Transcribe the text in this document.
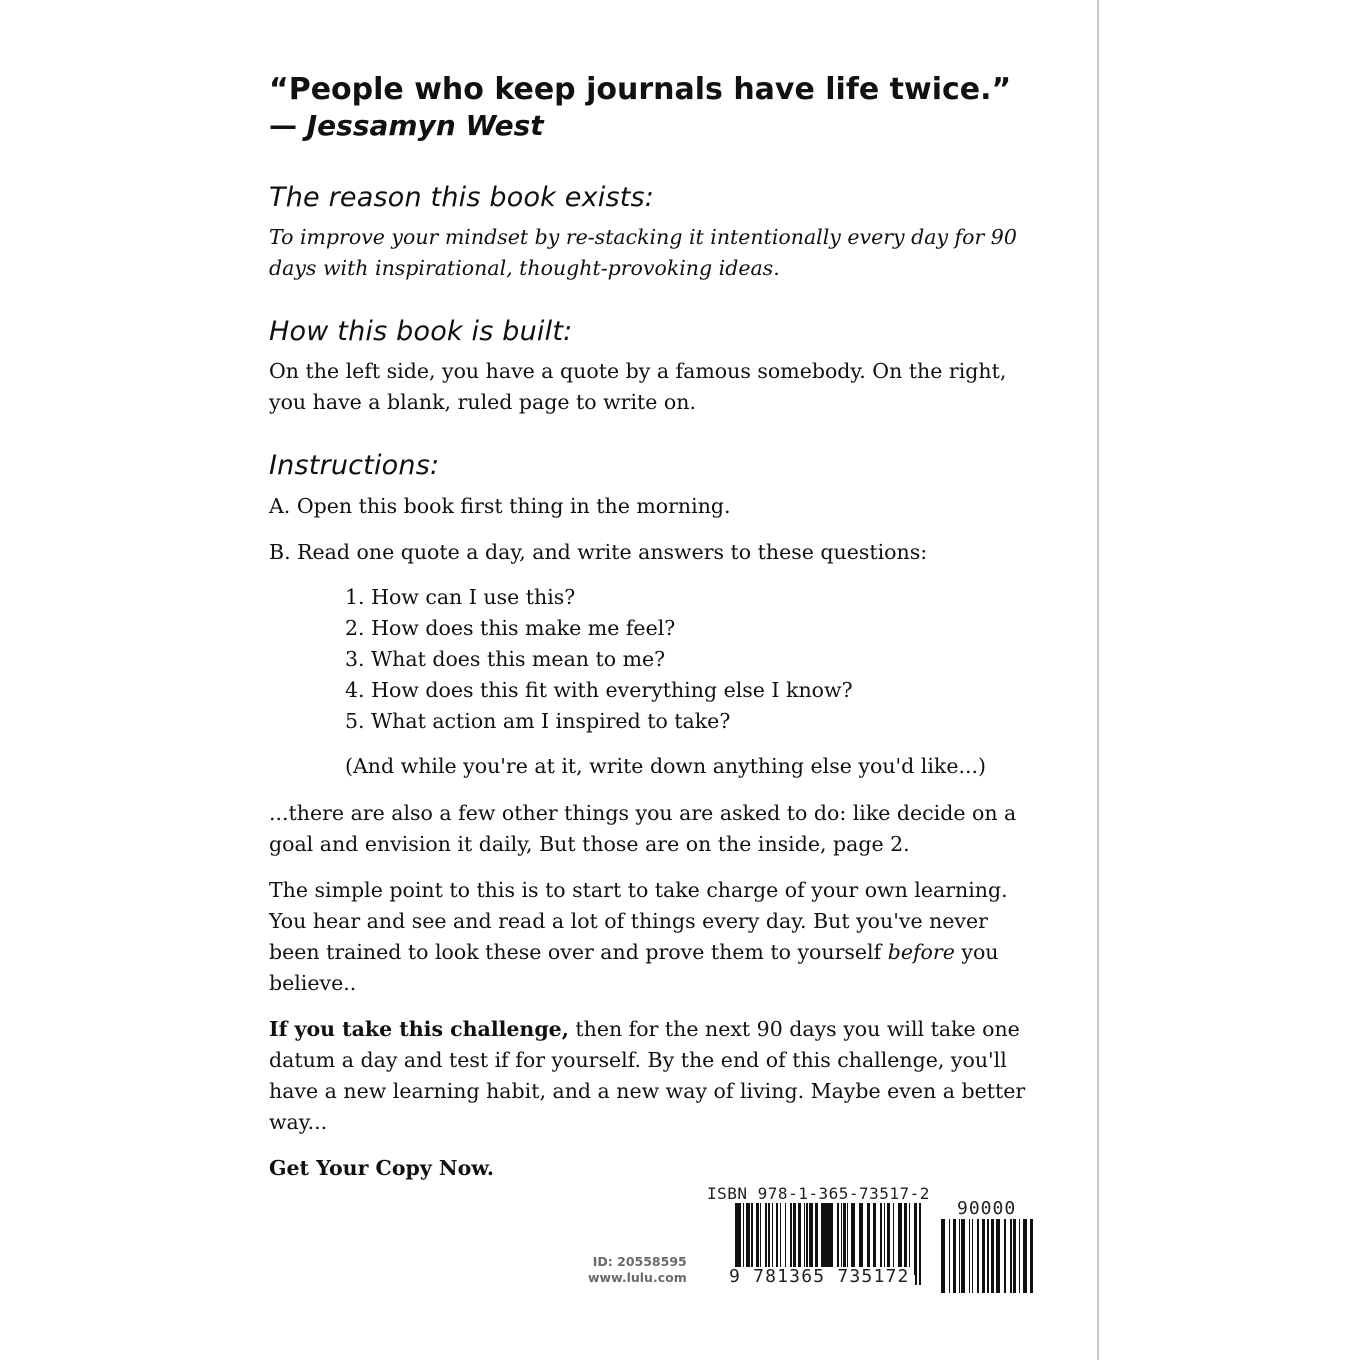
“People who keep journals have life twice.”

— Jessamyn West

The reason this book exists:

To improve your mindset by re-stacking it intentionally every day for 90 days with inspirational, thought-provoking ideas.

How this book is built:

On the left side, you have a quote by a famous somebody. On the right, you have a blank, ruled page to write on.

Instructions:

A. Open this book first thing in the morning.

B. Read one quote a day, and write answers to these questions:

1. How can I use this?
2. How does this make me feel?
3. What does this mean to me?
4. How does this fit with everything else I know?
5. What action am I inspired to take?

(And while you're at it, write down anything else you'd like...)

...there are also a few other things you are asked to do: like decide on a goal and envision it daily, But those are on the inside, page 2.

The simple point to this is to start to take charge of your own learning. You hear and see and read a lot of things every day. But you've never been trained to look these over and prove them to yourself before you believe..

If you take this challenge, then for the next 90 days you will take one datum a day and test if for yourself. By the end of this challenge, you'll have a new learning habit, and a new way of living. Maybe even a better way...

Get Your Copy Now.

ID: 20558595
www.lulu.com
ISBN 978-1-365-73517-2
90000
9 781365 735172
